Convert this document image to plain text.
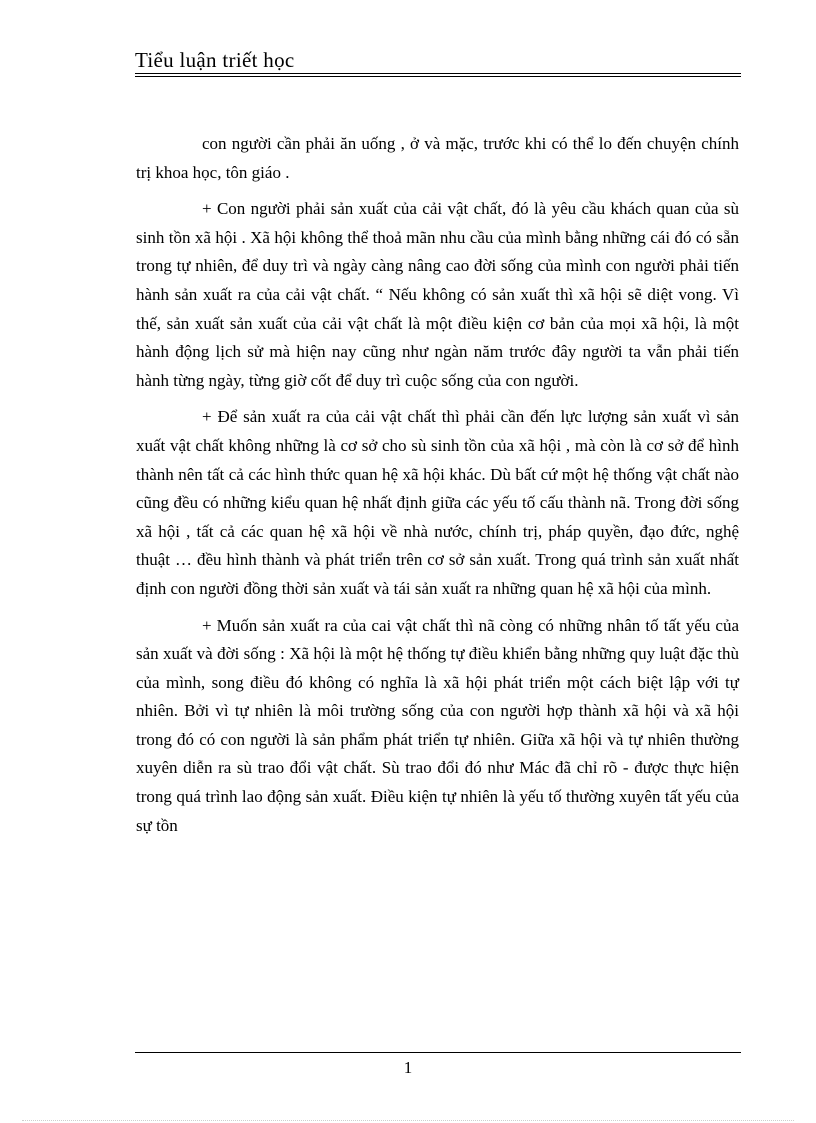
Tiểu luận triết học

con người cần phải ăn uống , ở và mặc, trước khi có thể lo đến chuyện chính trị khoa học, tôn giáo .

+ Con người phải sản xuất của cải vật chất, đó là yêu cầu khách quan của sù sinh tồn xã hội . Xã hội không thể thoả mãn nhu cầu của mình bằng những cái đó có sẵn trong tự nhiên, để duy trì và ngày càng nâng cao đời sống của mình con người phải tiến hành sản xuất ra của cải vật chất. “ Nếu không có sản xuất thì xã hội sẽ diệt vong. Vì thế, sản xuất sản xuất của cải vật chất là một điều kiện cơ bản của mọi xã hội, là một hành động lịch sử mà hiện nay cũng như ngàn năm trước đây người ta vẫn phải tiến hành từng ngày, từng giờ cốt để duy trì cuộc sống của con người.

+ Để sản xuất ra của cải vật chất thì phải cần đến lực lượng sản xuất vì sản xuất vật chất không những là cơ sở cho sù sinh tồn của xã hội , mà còn là cơ sở để hình thành nên tất cả các hình thức quan hệ xã hội khác. Dù bất cứ một hệ thống vật chất nào cũng đều có những kiểu quan hệ nhất định giữa các yếu tố cấu thành nã. Trong đời sống xã hội , tất cả các quan hệ xã hội về nhà nước, chính trị, pháp quyền, đạo đức, nghệ thuật … đều hình thành và phát triển trên cơ sở sản xuất. Trong quá trình sản xuất nhất định con người đồng thời sản xuất và tái sản xuất ra những quan hệ xã hội của mình.

+ Muốn sản xuất ra của cai vật chất thì nã còng có những nhân tố tất yếu của sản xuất và đời sống : Xã hội là một hệ thống tự điều khiển bằng những quy luật đặc thù của mình, song điều đó không có nghĩa là xã hội phát triển một cách biệt lập với tự nhiên. Bởi vì tự nhiên là môi trường sống của con người hợp thành xã hội và xã hội trong đó có con người là sản phẩm phát triển tự nhiên. Giữa xã hội và tự nhiên thường xuyên diễn ra sù trao đổi vật chất. Sù trao đổi đó như Mác đã chỉ rõ - được thực hiện trong quá trình lao động sản xuất. Điều kiện tự nhiên là yếu tố thường xuyên tất yếu của sự tồn

1
